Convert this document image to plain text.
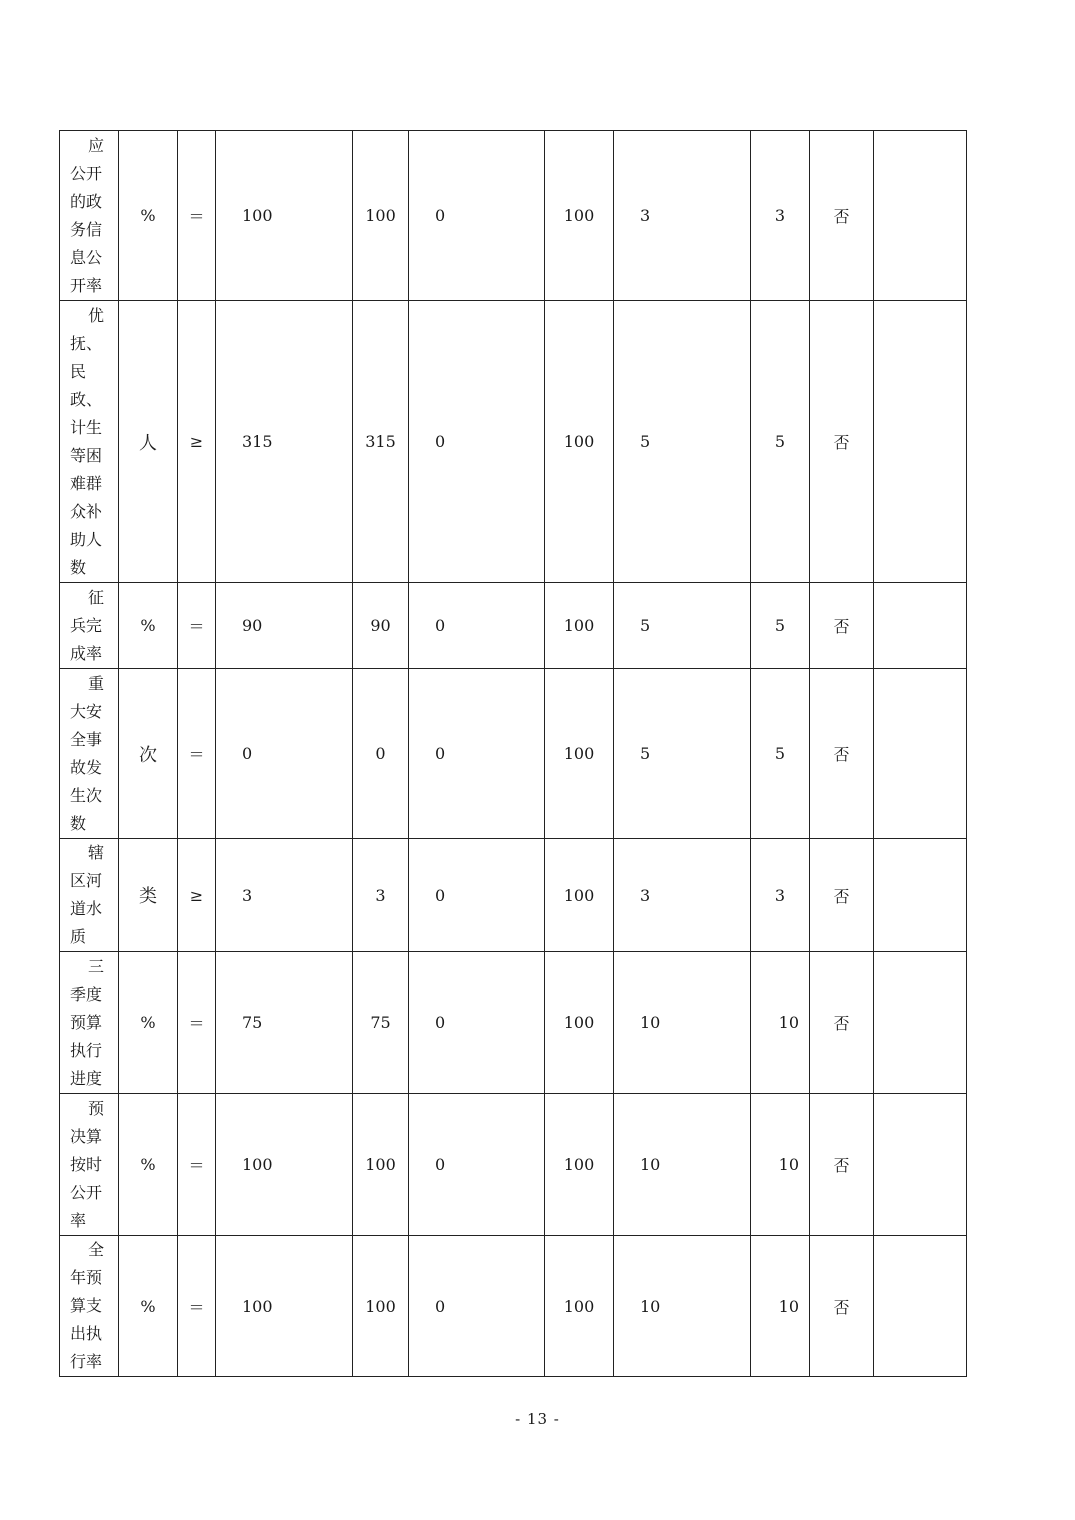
应公开的政务信息公开率	%	＝	100	100	0	100	3	3	否	
优抚、民政、计生等困难群众补助人数	人	≥	315	315	0	100	5	5	否	
征兵完成率	%	＝	90	90	0	100	5	5	否	
重大安全事故发生次数	次	＝	0	0	0	100	5	5	否	
辖区河道水质	类	≥	3	3	0	100	3	3	否	
三季度预算执行进度	%	＝	75	75	0	100	10	10	否	
预决算按时公开率	%	＝	100	100	0	100	10	10	否	
全年预算支出执行率	%	＝	100	100	0	100	10	10	否	
- 13 -
